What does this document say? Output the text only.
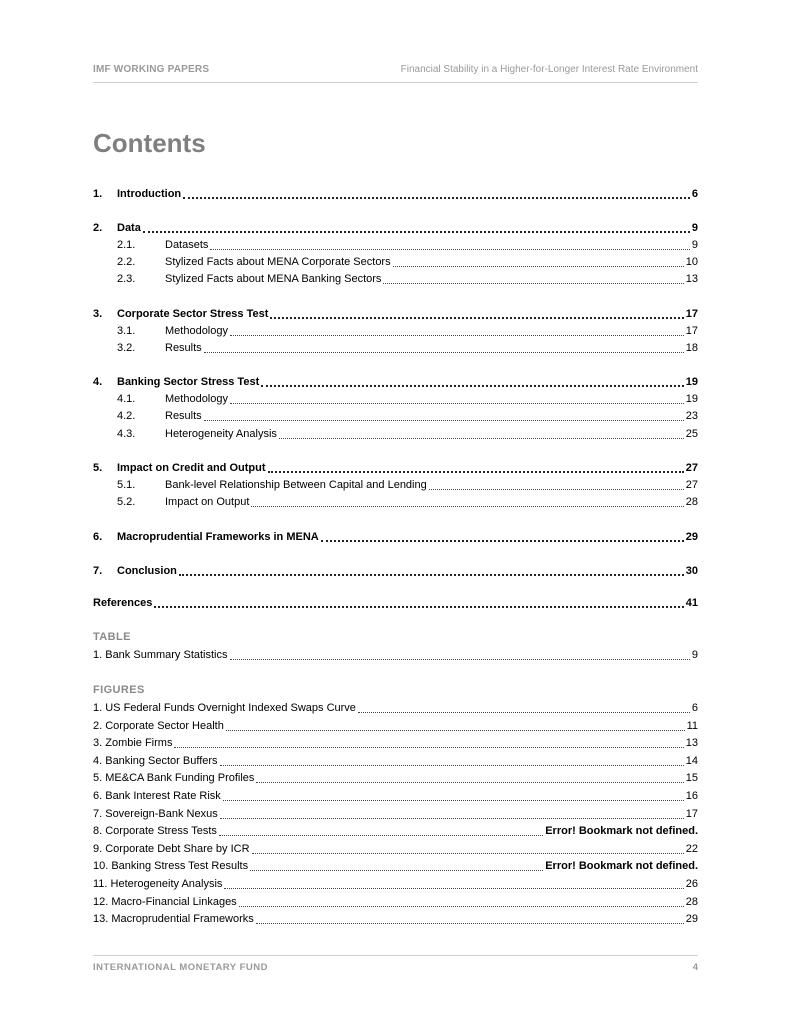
IMF WORKING PAPERS	Financial Stability in a Higher-for-Longer Interest Rate Environment
Contents
1.	Introduction	6
2.	Data	9
2.1.	Datasets	9
2.2.	Stylized Facts about MENA Corporate Sectors	10
2.3.	Stylized Facts about MENA Banking Sectors	13
3.	Corporate Sector Stress Test	17
3.1.	Methodology	17
3.2.	Results	18
4.	Banking Sector Stress Test	19
4.1.	Methodology	19
4.2.	Results	23
4.3.	Heterogeneity Analysis	25
5.	Impact on Credit and Output	27
5.1.	Bank-level Relationship Between Capital and Lending	27
5.2.	Impact on Output	28
6.	Macroprudential Frameworks in MENA	29
7.	Conclusion	30
References	41
TABLE
1. Bank Summary Statistics	9
FIGURES
1. US Federal Funds Overnight Indexed Swaps Curve	6
2. Corporate Sector Health	11
3. Zombie Firms	13
4. Banking Sector Buffers	14
5. ME&CA Bank Funding Profiles	15
6. Bank Interest Rate Risk	16
7. Sovereign-Bank Nexus	17
8. Corporate Stress Tests	Error! Bookmark not defined.
9. Corporate Debt Share by ICR	22
10. Banking Stress Test Results	Error! Bookmark not defined.
11. Heterogeneity Analysis	26
12. Macro-Financial Linkages	28
13. Macroprudential Frameworks	29
INTERNATIONAL MONETARY FUND	4
